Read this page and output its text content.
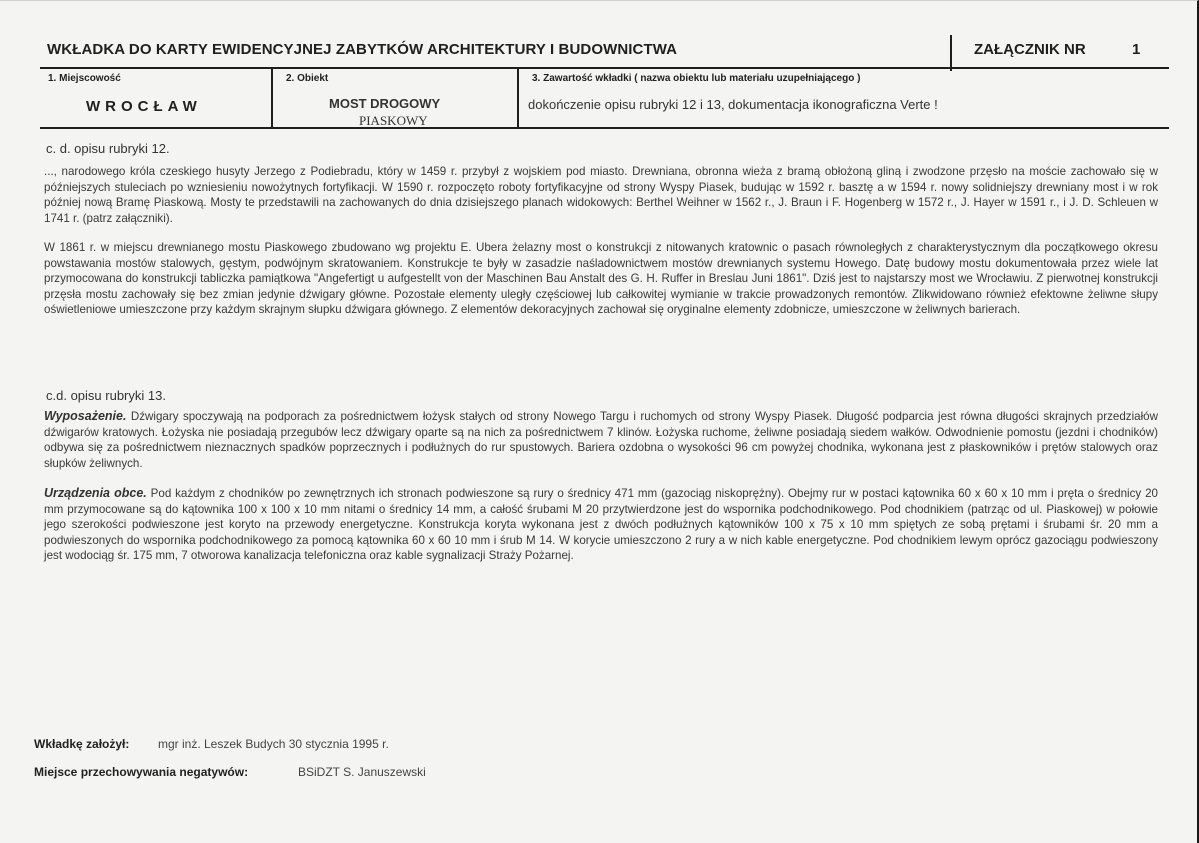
WKŁADKA DO KARTY EWIDENCYJNEJ ZABYTKÓW ARCHITEKTURY I BUDOWNICTWA	ZAŁĄCZNIK NR	1
1. Miejscowość
WROCŁAW
2. Obiekt
MOST DROGOWY
PIASKOWY
3. Zawartość wkładki ( nazwa obiektu lub materiału uzupełniającego )
dokończenie opisu rubryki 12 i 13, dokumentacja ikonograficzna Verte !
c. d. opisu rubryki 12.
..., narodowego króla czeskiego husyty Jerzego z Podiebradu, który w 1459 r. przybył z wojskiem pod miasto. Drewniana, obronna wieża z bramą obłożoną gliną i zwodzone przęsło na moście zachowało się w późniejszych stuleciach po wzniesieniu nowożytnych fortyfikacji. W 1590 r. rozpoczęto roboty fortyfikacyjne od strony Wyspy Piasek, budując w 1592 r. basztę a w 1594 r. nowy solidniejszy drewniany most i w rok później nową Bramę Piaskową. Mosty te przedstawili na zachowanych do dnia dzisiejszego planach widokowych: Berthel Weihner w 1562 r., J. Braun i F. Hogenberg w 1572 r., J. Hayer w 1591 r., i J. D. Schleuen w 1741 r. (patrz załączniki).
W 1861 r. w miejscu drewnianego mostu Piaskowego zbudowano wg projektu E. Ubera żelazny most o konstrukcji z nitowanych kratownic o pasach równoległych z charakterystycznym dla początkowego okresu powstawania mostów stalowych, gęstym, podwójnym skratowaniem. Konstrukcje te były w zasadzie naśladownictwem mostów drewnianych systemu Howego. Datę budowy mostu dokumentowała przez wiele lat przymocowana do konstrukcji tabliczka pamiątkowa "Angefertigt u aufgestellt von der Maschinen Bau Anstalt des G. H. Ruffer in Breslau Juni 1861". Dziś jest to najstarszy most we Wrocławiu. Z pierwotnej konstrukcji przęsła mostu zachowały się bez zmian jedynie dźwigary główne. Pozostałe elementy uległy częściowej lub całkowitej wymianie w trakcie prowadzonych remontów. Zlikwidowano również efektowne żeliwne słupy oświetleniowe umieszczone przy każdym skrajnym słupku dźwigara głównego. Z elementów dekoracyjnych zachował się oryginalne elementy zdobnicze, umieszczone w żeliwnych barierach.
c.d. opisu rubryki 13.
Wyposażenie. Dźwigary spoczywają na podporach za pośrednictwem łożysk stałych od strony Nowego Targu i ruchomych od strony Wyspy Piasek. Długość podparcia jest równa długości skrajnych przedziałów dźwigarów kratowych. Łożyska nie posiadają przegubów lecz dźwigary oparte są na nich za pośrednictwem 7 klinów. Łożyska ruchome, żeliwne posiadają siedem wałków. Odwodnienie pomostu (jezdni i chodników) odbywa się za pośrednictwem nieznacznych spadków poprzecznych i podłużnych do rur spustowych. Bariera ozdobna o wysokości 96 cm powyżej chodnika, wykonana jest z płaskowników i prętów stalowych oraz słupków żeliwnych.
Urządzenia obce. Pod każdym z chodników po zewnętrznych ich stronach podwieszone są rury o średnicy 471 mm (gazociąg niskoprężny). Obejmy rur w postaci kątownika 60 x 60 x 10 mm i pręta o średnicy 20 mm przymocowane są do kątownika 100 x 100 x 10 mm nitami o średnicy 14 mm, a całość śrubami M 20 przytwierdzone jest do wspornika podchodnikowego. Pod chodnikiem (patrząc od ul. Piaskowej) w połowie jego szerokości podwieszone jest koryto na przewody energetyczne. Konstrukcja koryta wykonana jest z dwóch podłużnych kątowników 100 x 75 x 10 mm spiętych ze sobą prętami i śrubami śr. 20 mm a podwieszonych do wspornika podchodnikowego za pomocą kątownika 60 x 60 10 mm i śrub M 14. W korycie umieszczono 2 rury a w nich kable energetyczne. Pod chodnikiem lewym oprócz gazociągu podwieszony jest wodociąg śr. 175 mm, 7 otworowa kanalizacja telefoniczna oraz kable sygnalizacji Straży Pożarnej.
Wkładkę założył: mgr inż. Leszek Budych 30 stycznia 1995 r.
Miejsce przechowywania negatywów:	BSiDZT S. Januszewski
